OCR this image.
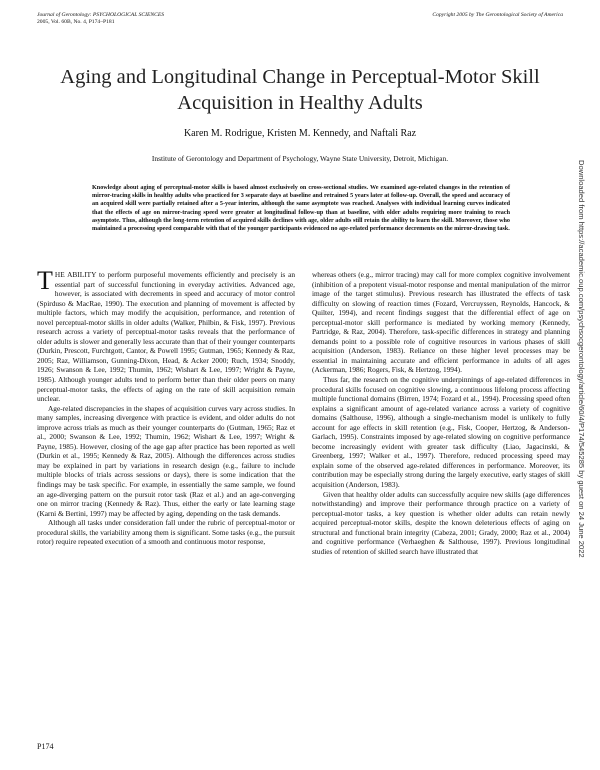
Journal of Gerontology: PSYCHOLOGICAL SCIENCES
2005, Vol. 60B, No. 4, P174–P181
Copyright 2005 by The Gerontological Society of America
Aging and Longitudinal Change in Perceptual-Motor Skill Acquisition in Healthy Adults
Karen M. Rodrigue, Kristen M. Kennedy, and Naftali Raz
Institute of Gerontology and Department of Psychology, Wayne State University, Detroit, Michigan.
Knowledge about aging of perceptual-motor skills is based almost exclusively on cross-sectional studies. We examined age-related changes in the retention of mirror-tracing skills in healthy adults who practiced for 3 separate days at baseline and retrained 5 years later at follow-up. Overall, the speed and accuracy of an acquired skill were partially retained after a 5-year interim, although the same asymptote was reached. Analyses with individual learning curves indicated that the effects of age on mirror-tracing speed were greater at longitudinal follow-up than at baseline, with older adults requiring more training to reach asymptote. Thus, although the long-term retention of acquired skills declines with age, older adults still retain the ability to learn the skill. Moreover, those who maintained a processing speed comparable with that of the younger participants evidenced no age-related performance decrements on the mirror-drawing task.

THE ABILITY to perform purposeful movements efficiently and precisely is an essential part of successful functioning in everyday activities. Advanced age, however, is associated with decrements in speed and accuracy of motor control (Spirduso & MacRae, 1990). The execution and planning of movement is affected by multiple factors, which may modify the acquisition, performance, and retention of novel perceptual-motor skills in older adults (Walker, Philbin, & Fisk, 1997). Previous research across a variety of perceptual-motor tasks reveals that the performance of older adults is slower and generally less accurate than that of their younger counterparts (Durkin, Prescott, Furchtgott, Cantor, & Powell 1995; Gutman, 1965; Kennedy & Raz, 2005; Raz, Williamson, Gunning-Dixon, Head, & Acker 2000; Ruch, 1934; Snoddy, 1926; Swanson & Lee, 1992; Thumin, 1962; Wishart & Lee, 1997; Wright & Payne, 1985). Although younger adults tend to perform better than their older peers on many perceptual-motor tasks, the effects of aging on the rate of skill acquisition remain unclear.

Age-related discrepancies in the shapes of acquisition curves vary across studies. In many samples, increasing divergence with practice is evident, and older adults do not improve across trials as much as their younger counterparts do (Gutman, 1965; Raz et al., 2000; Swanson & Lee, 1992; Thumin, 1962; Wishart & Lee, 1997; Wright & Payne, 1985). However, closing of the age gap after practice has been reported as well (Durkin et al., 1995; Kennedy & Raz, 2005). Although the differences across studies may be explained in part by variations in research design (e.g., failure to include multiple blocks of trials across sessions or days), there is some indication that the findings may be task specific. For example, in essentially the same sample, we found an age-diverging pattern on the pursuit rotor task (Raz et al.) and an age-converging one on mirror tracing (Kennedy & Raz). Thus, either the early or late learning stage (Karni & Bertini, 1997) may be affected by aging, depending on the task demands.

Although all tasks under consideration fall under the rubric of perceptual-motor or procedural skills, the variability among them is significant. Some tasks (e.g., the pursuit rotor) require repeated execution of a smooth and continuous motor response,

whereas others (e.g., mirror tracing) may call for more complex cognitive involvement (inhibition of a prepotent visual-motor response and mental manipulation of the mirror image of the target stimulus). Previous research has illustrated the effects of task difficulty on slowing of reaction times (Fozard, Vercruyssen, Reynolds, Hancock, & Quilter, 1994), and recent findings suggest that the differential effect of age on perceptual-motor skill performance is mediated by working memory (Kennedy, Partridge, & Raz, 2004). Therefore, task-specific differences in strategy and planning demands point to a possible role of cognitive resources in various phases of skill acquisition (Anderson, 1983). Reliance on these higher level processes may be essential in maintaining accurate and efficient performance in adults of all ages (Ackerman, 1986; Rogers, Fisk, & Hertzog, 1994).

Thus far, the research on the cognitive underpinnings of age-related differences in procedural skills focused on cognitive slowing, a continuous lifelong process affecting multiple functional domains (Birren, 1974; Fozard et al., 1994). Processing speed often explains a significant amount of age-related variance across a variety of cognitive domains (Salthouse, 1996), although a single-mechanism model is unlikely to fully account for age effects in skill retention (e.g., Fisk, Cooper, Hertzog, & Anderson-Garlach, 1995). Constraints imposed by age-related slowing on cognitive performance become increasingly evident with greater task difficulty (Liao, Jagacinski, & Greenberg, 1997; Walker et al., 1997). Therefore, reduced processing speed may explain some of the observed age-related differences in performance. Moreover, its contribution may be especially strong during the largely executive, early stages of skill acquisition (Anderson, 1983).

Given that healthy older adults can successfully acquire new skills (age differences notwithstanding) and improve their performance through practice on a variety of perceptual-motor tasks, a key question is whether older adults can retain newly acquired perceptual-motor skills, despite the known deleterious effects of aging on structural and functional brain integrity (Cabeza, 2001; Grady, 2000; Raz et al., 2004) and cognitive performance (Verhaeghen & Salthouse, 1997). Previous longitudinal studies of retention of skilled search have illustrated that

P174
Downloaded from https://academic.oup.com/psychsocgerontology/article/60/4/P174/545285 by guest on 24 June 2022
